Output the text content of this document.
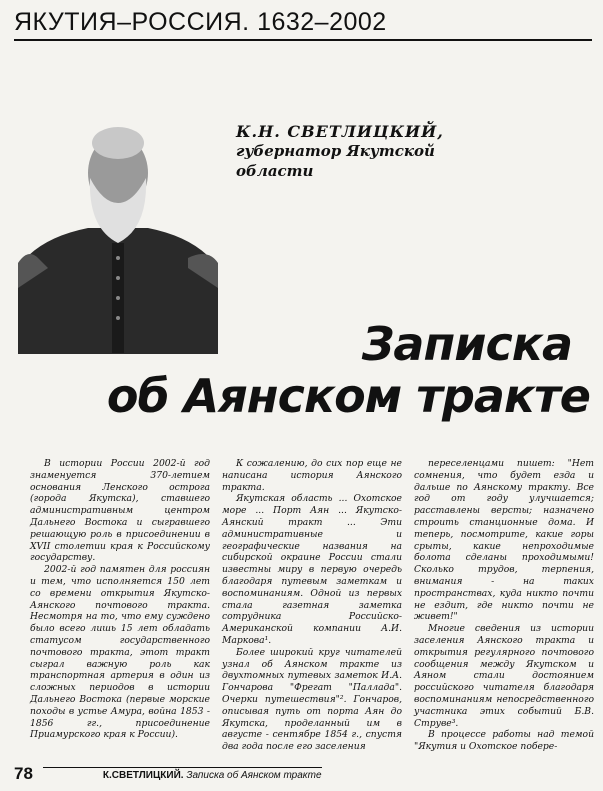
ЯКУТИЯ–РОССИЯ. 1632–2002
К.Н. СВЕТЛИЦКИЙ,
губернатор Якутской
области
Записка
об Аянском тракте

В истории России 2002-й год знаменуется 370-летием основания Ленского острога (города Якутска), ставшего административным центром Дальнего Востока и сыгравшего решающую роль в присоединении в XVII столетии края к Российскому государству.

2002-й год памятен для россиян и тем, что исполняется 150 лет со времени открытия Якутско-Аянского почтового тракта. Несмотря на то, что ему суждено было всего лишь 15 лет обладать статусом государственного почтового тракта, этот тракт сыграл важную роль как транспортная артерия в один из сложных периодов в истории Дальнего Востока (первые морские походы в устье Амура, война 1853 - 1856 гг., присоединение Приамурского края к России).

К сожалению, до сих пор еще не написана история Аянского тракта.

Якутская область ... Охотское море ... Порт Аян ... Якутско-Аянский тракт ... Эти административные и географические названия на сибирской окраине России стали известны миру в первую очередь благодаря путевым заметкам и воспоминаниям. Одной из первых стала газетная заметка сотрудника Российско-Американской компании А.И. Маркова¹.

Более широкий круг читателей узнал об Аянском тракте из двухтомных путевых заметок И.А. Гончарова "Фрегат "Паллада". Очерки путешествия"². Гончаров, описывая путь от порта Аян до Якутска, проделанный им в августе - сентябре 1854 г., спустя два года после его заселения

переселенцами пишет: "Нет сомнения, что будет езда и дальше по Аянскому тракту. Все год от году улучшается; расставлены версты; назначено строить станционные дома. И теперь, посмотрите, какие горы срыты, какие непроходимые болота сделаны проходимыми! Сколько трудов, терпения, внимания - на таких пространствах, куда никто почти не ездит, где никто почти не живет!"

Многие сведения из истории заселения Аянского тракта и открытия регулярного почтового сообщения между Якутском и Аяном стали достоянием российского читателя благодаря воспоминаниям непосредственного участника этих событий Б.В. Струве³.

В процессе работы над темой "Якутия и Охотское побере-

78	К.СВЕТЛИЦКИЙ. Записка об Аянском тракте
